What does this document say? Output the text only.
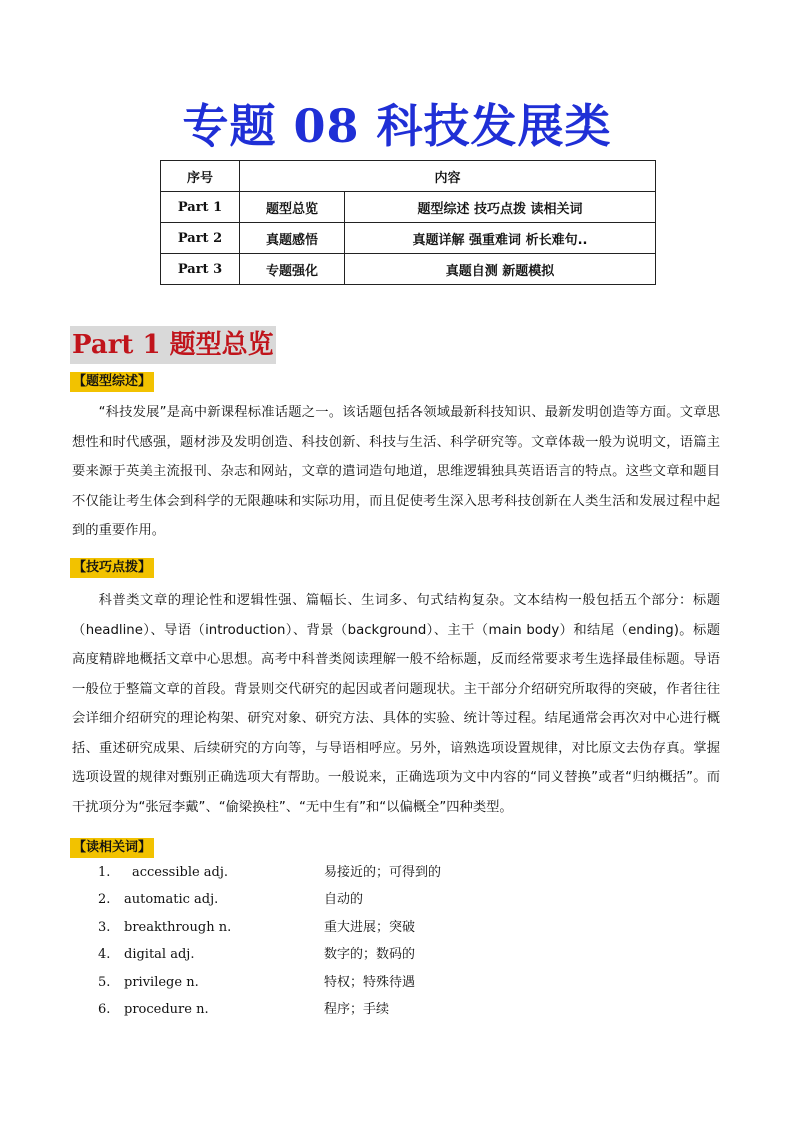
专题 08 科技发展类
序号	内容	
Part 1	题型总览	题型综述 技巧点拨 读相关词
Part 2	真题感悟	真题详解 强重难词 析长难句..
Part 3	专题强化	真题自测 新题模拟
Part 1 题型总览
【题型综述】

“科技发展”是高中新课程标准话题之一。该话题包括各领域最新科技知识、最新发明创造等方面。文章思想性和时代感强，题材涉及发明创造、科技创新、科技与生活、科学研究等。文章体裁一般为说明文，语篇主要来源于英美主流报刊、杂志和网站，文章的遣词造句地道，思维逻辑独具英语语言的特点。这些文章和题目不仅能让考生体会到科学的无限趣味和实际功用，而且促使考生深入思考科技创新在人类生活和发展过程中起到的重要作用。

【技巧点拨】

科普类文章的理论性和逻辑性强、篇幅长、生词多、句式结构复杂。文本结构一般包括五个部分：标题（headline）、导语（introduction）、背景（background）、主干（main body）和结尾（ending)。标题高度精辟地概括文章中心思想。高考中科普类阅读理解一般不给标题，反而经常要求考生选择最佳标题。导语一般位于整篇文章的首段。背景则交代研究的起因或者问题现状。主干部分介绍研究所取得的突破，作者往往会详细介绍研究的理论构架、研究对象、研究方法、具体的实验、统计等过程。结尾通常会再次对中心进行概括、重述研究成果、后续研究的方向等，与导语相呼应。另外，谙熟选项设置规律，对比原文去伪存真。掌握选项设置的规律对甄别正确选项大有帮助。一般说来，正确选项为文中内容的“同义替换”或者“归纳概括”。而干扰项分为“张冠李戴”、“偷梁换柱”、“无中生有”和“以偏概全”四种类型。

【读相关词】
1. accessible adj.	易接近的；可得到的
2. automatic adj.	自动的
3. breakthrough n.	重大进展；突破
4. digital adj.	数字的；数码的
5. privilege n.	特权；特殊待遇
6. procedure n.	程序；手续
